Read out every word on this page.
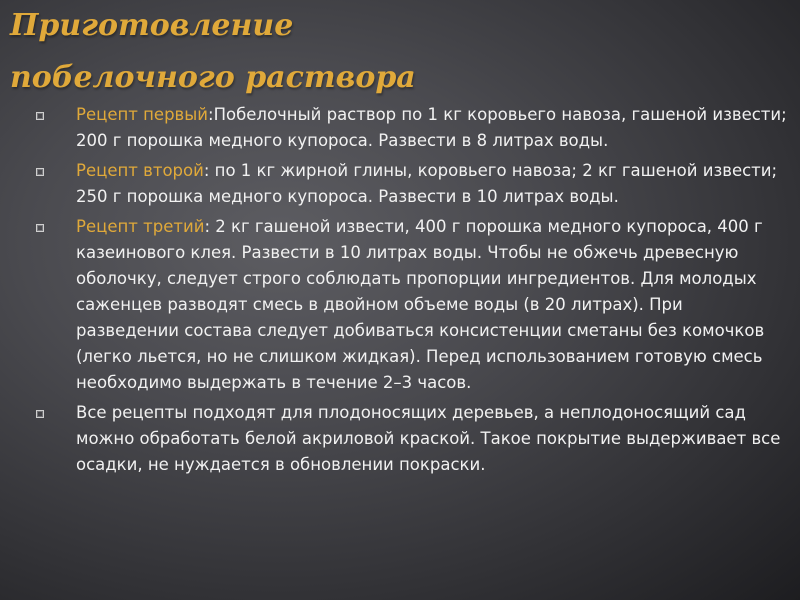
Приготовление
побелочного раствора
Рецепт первый:Побелочный раствор по 1 кг коровьего навоза, гашеной извести; 200 г порошка медного купороса. Развести в 8 литрах воды.
Рецепт второй: по 1 кг жирной глины, коровьего навоза; 2 кг гашеной извести; 250 г порошка медного купороса. Развести в 10 литрах воды.
Рецепт третий: 2 кг гашеной извести, 400 г порошка медного купороса, 400 г казеинового клея. Развести в 10 литрах воды. Чтобы не обжечь древесную оболочку, следует строго соблюдать пропорции ингредиентов. Для молодых саженцев разводят смесь в двойном объеме воды (в 20 литрах). При разведении состава следует добиваться консистенции сметаны без комочков (легко льется, но не слишком жидкая). Перед использованием готовую смесь необходимо выдержать в течение 2–3 часов.
Все рецепты подходят для плодоносящих деревьев, а неплодоносящий сад можно обработать белой акриловой краской. Такое покрытие выдерживает все осадки, не нуждается в обновлении покраски.
